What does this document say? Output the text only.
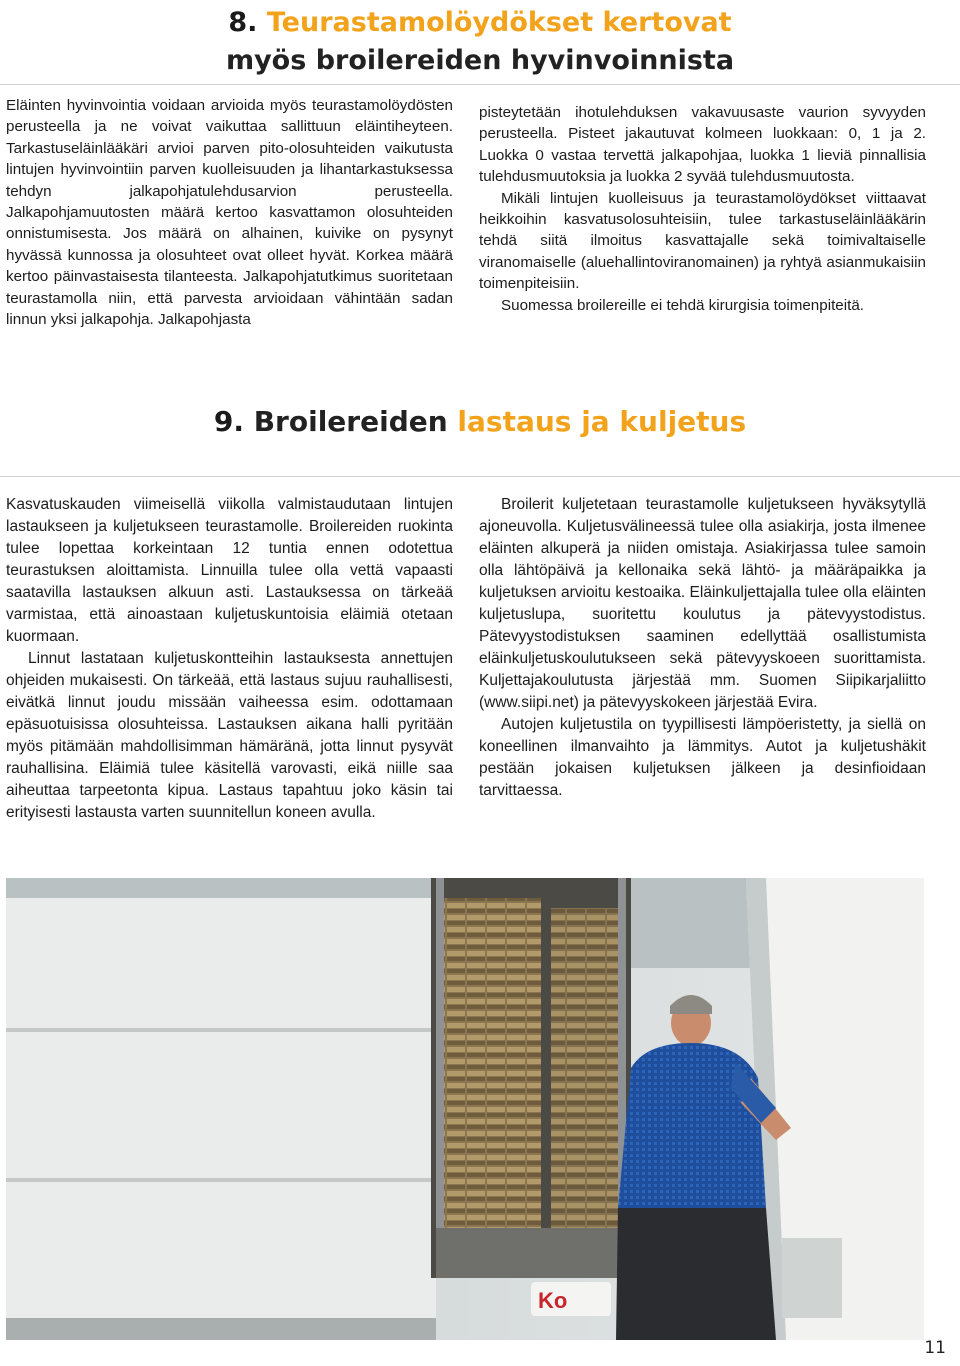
8. Teurastamolöydökset kertovat
myös broilereiden hyvinvoinnista

Eläinten hyvinvointia voidaan arvioida myös teurastamolöydösten perusteella ja ne voivat vaikuttaa sallittuun eläintiheyteen. Tarkastuseläinlääkäri arvioi parven pito-olosuhteiden vaikutusta lintujen hyvinvointiin parven kuolleisuuden ja lihantarkastuksessa tehdyn jalkapohjatulehdusarvion perusteella. Jalkapohjamuutosten määrä kertoo kasvattamon olosuhteiden onnistumisesta. Jos määrä on alhainen, kuivike on pysynyt hyvässä kunnossa ja olosuhteet ovat olleet hyvät. Korkea määrä kertoo päinvastaisesta tilanteesta. Jalkapohjatutkimus suoritetaan teurastamolla niin, että parvesta arvioidaan vähintään sadan linnun yksi jalkapohja. Jalkapohjasta

pisteytetään ihotulehduksen vakavuusaste vaurion syvyyden perusteella. Pisteet jakautuvat kolmeen luokkaan: 0, 1 ja 2. Luokka 0 vastaa tervettä jalkapohjaa, luokka 1 lieviä pinnallisia tulehdusmuutoksia ja luokka 2 syvää tulehdusmuutosta.

Mikäli lintujen kuolleisuus ja teurastamolöydökset viittaavat heikkoihin kasvatusolosuhteisiin, tulee tarkastuseläinlääkärin tehdä siitä ilmoitus kasvattajalle sekä toimivaltaiselle viranomaiselle (aluehallintoviranomainen) ja ryhtyä asianmukaisiin toimenpiteisiin.

Suomessa broilereille ei tehdä kirurgisia toimenpiteitä.

9. Broilereiden lastaus ja kuljetus

Kasvatuskauden viimeisellä viikolla valmistaudutaan lintujen lastaukseen ja kuljetukseen teurastamolle. Broilereiden ruokinta tulee lopettaa korkeintaan 12 tuntia ennen odotettua teurastuksen aloittamista. Linnuilla tulee olla vettä vapaasti saatavilla lastauksen alkuun asti. Lastauksessa on tärkeää varmistaa, että ainoastaan kuljetuskuntoisia eläimiä otetaan kuormaan.

Linnut lastataan kuljetuskontteihin lastauksesta annettujen ohjeiden mukaisesti. On tärkeää, että lastaus sujuu rauhallisesti, eivätkä linnut joudu missään vaiheessa esim. odottamaan epäsuotuisissa olosuhteissa. Lastauksen aikana halli pyritään myös pitämään mahdollisimman hämäränä, jotta linnut pysyvät rauhallisina. Eläimiä tulee käsitellä varovasti, eikä niille saa aiheuttaa tarpeetonta kipua. Lastaus tapahtuu joko käsin tai erityisesti lastausta varten suunnitellun koneen avulla.

Broilerit kuljetetaan teurastamolle kuljetukseen hyväksytyllä ajoneuvolla. Kuljetusvälineessä tulee olla asiakirja, josta ilmenee eläinten alkuperä ja niiden omistaja. Asiakirjassa tulee samoin olla lähtöpäivä ja kellonaika sekä lähtö- ja määräpaikka ja kuljetuksen arvioitu kestoaika. Eläinkuljettajalla tulee olla eläinten kuljetuslupa, suoritettu koulutus ja pätevyystodistus. Pätevyystodistuksen saaminen edellyttää osallistumista eläinkuljetuskoulutukseen sekä pätevyyskoeen suorittamista. Kuljettajakoulutusta järjestää mm. Suomen Siipikarjaliitto (www.siipi.net) ja pätevyyskokeen järjestää Evira.

Autojen kuljetustila on tyypillisesti lämpöeristetty, ja siellä on koneellinen ilmanvaihto ja lämmitys. Autot ja kuljetushäkit pestään jokaisen kuljetuksen jälkeen ja desinfioidaan tarvittaessa.

Ko
11
